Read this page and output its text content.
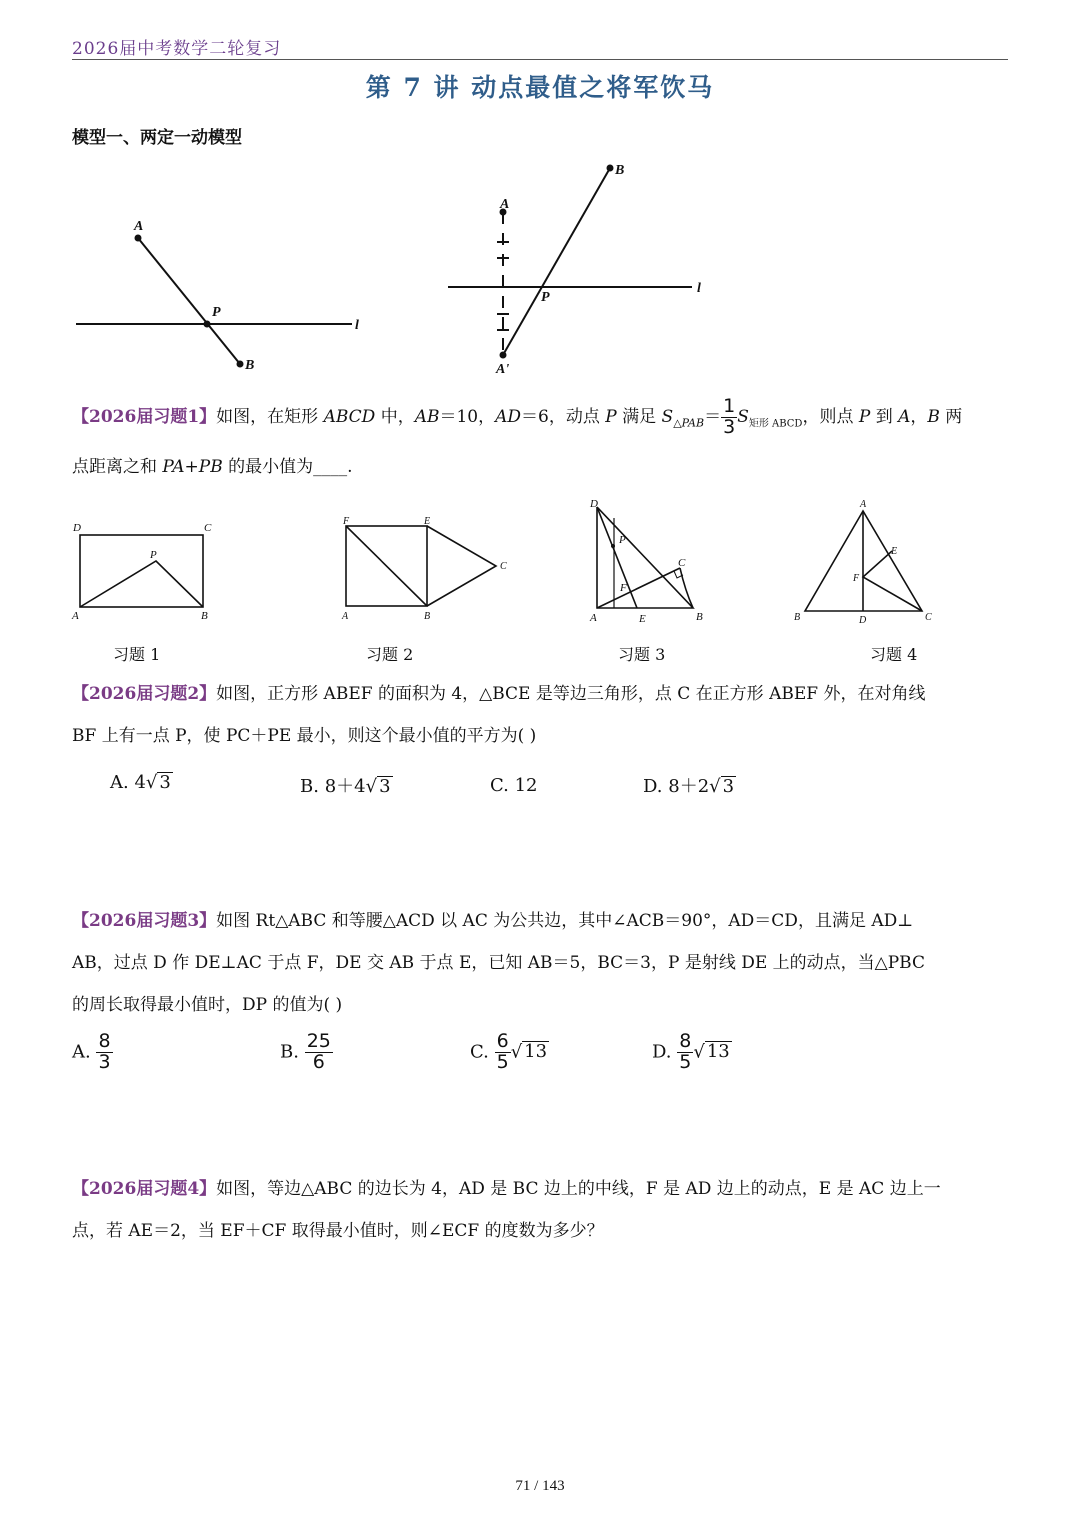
2026届中考数学二轮复习
第 7 讲 动点最值之将军饮马
模型一、两定一动模型
A
P
B
l
A
B
P
l
A'
【2026届习题1】如图，在矩形 ABCD 中，AB＝10，AD＝6，动点 P 满足 $S_{\triangle PAB}= \frac{1}{3} S_{矩形 ABCD}$，则点 P 到 A，B 两
点距离之和 PA+PB 的最小值为____.
D	C
A	B
P
F	E
A	B
C
D
P
C
F
A	E	B
A
E
F
B	D	C
习题 1	习题 2	习题 3	习题 4
【2026届习题2】如图，正方形 ABEF 的面积为 4，△BCE 是等边三角形，点 C 在正方形 ABEF 外，在对角线
BF 上有一点 P，使 PC＋PE 最小，则这个最小值的平方为( )
A. 4√ 3	B. 8＋4√ 3	C. 12	D. 8＋2√ 3
【2026届习题3】如图 Rt△ABC 和等腰△ACD 以 AC 为公共边，其中∠ACB＝90°，AD＝CD，且满足 AD⊥
AB，过点 D 作 DE⊥AC 于点 F，DE 交 AB 于点 E，已知 AB＝5，BC＝3，P 是射线 DE 上的动点，当△PBC
的周长取得最小值时，DP 的值为( )
A. $\frac{8}{3}$	B. $\frac{25}{6}$	C. $\frac{6}{5}$ √ 13	D. $\frac{8}{5}$ √ 13
【2026届习题4】如图，等边△ABC 的边长为 4，AD 是 BC 边上的中线，F 是 AD 边上的动点，E 是 AC 边上一
点，若 AE＝2，当 EF＋CF 取得最小值时，则∠ECF 的度数为多少？
71 / 143
